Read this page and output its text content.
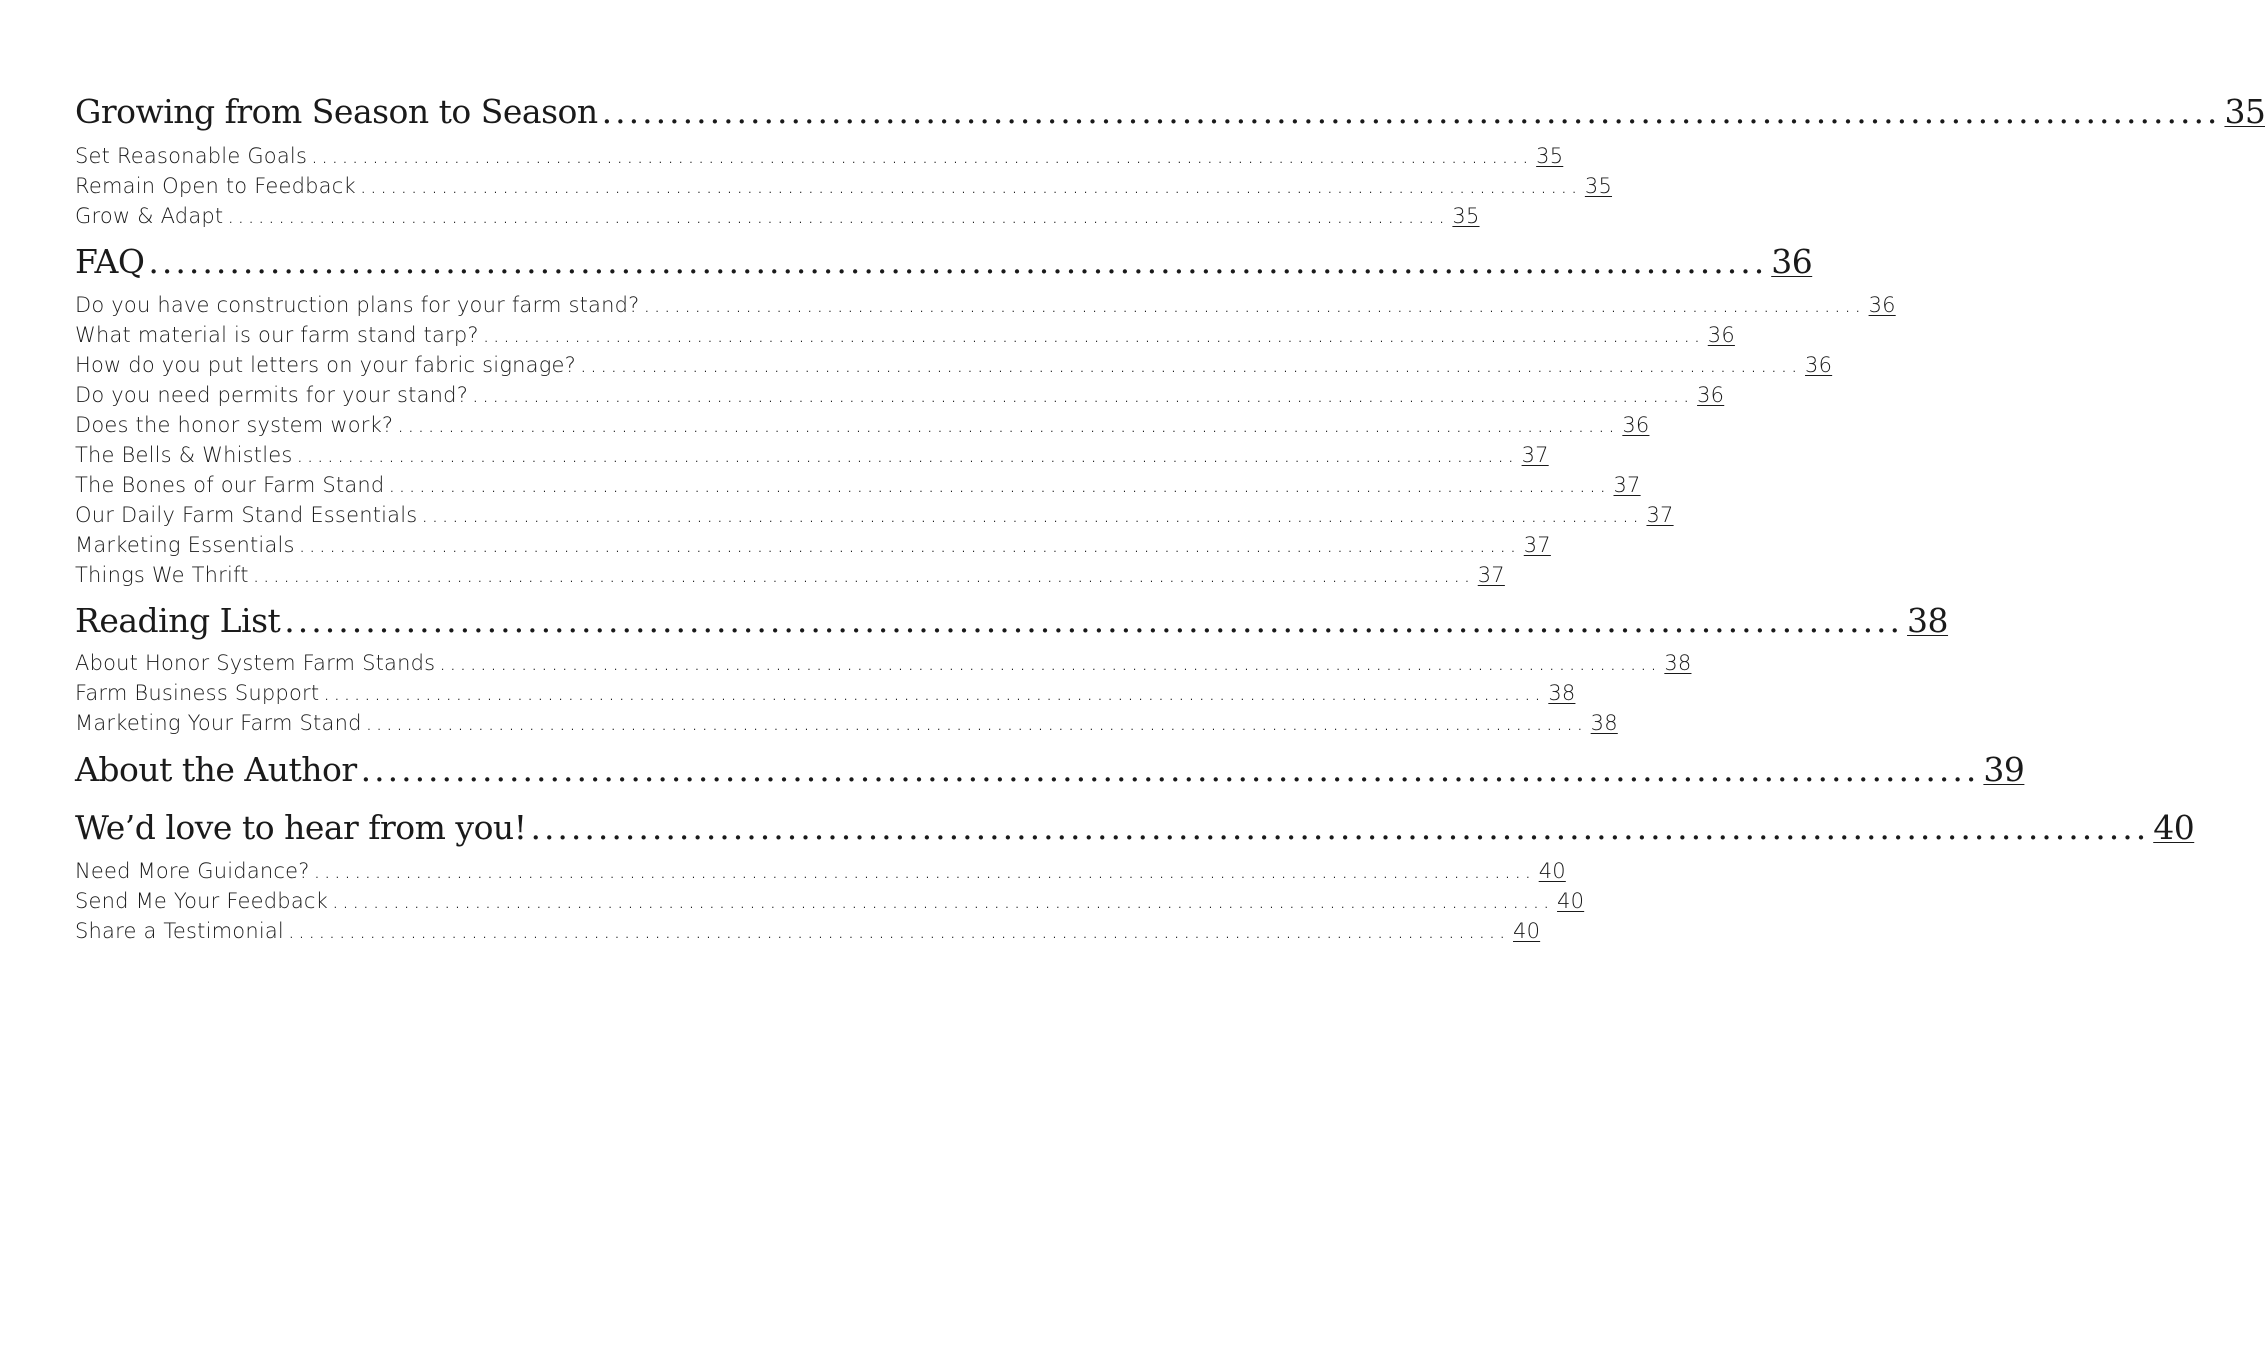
Growing from Season to Season ........................................................................................................................ 35
Set Reasonable Goals ........................................................................................................................ 35
Remain Open to Feedback ........................................................................................................................ 35
Grow & Adapt ........................................................................................................................ 35
FAQ ........................................................................................................................ 36
Do you have construction plans for your farm stand? ........................................................................................................................ 36
What material is our farm stand tarp? ........................................................................................................................ 36
How do you put letters on your fabric signage? ........................................................................................................................ 36
Do you need permits for your stand? ........................................................................................................................ 36
Does the honor system work? ........................................................................................................................ 36
The Bells & Whistles ........................................................................................................................ 37
The Bones of our Farm Stand ........................................................................................................................ 37
Our Daily Farm Stand Essentials ........................................................................................................................ 37
Marketing Essentials ........................................................................................................................ 37
Things We Thrift ........................................................................................................................ 37
Reading List ........................................................................................................................ 38
About Honor System Farm Stands ........................................................................................................................ 38
Farm Business Support ........................................................................................................................ 38
Marketing Your Farm Stand ........................................................................................................................ 38
About the Author ........................................................................................................................ 39
We’d love to hear from you! ........................................................................................................................ 40
Need More Guidance? ........................................................................................................................ 40
Send Me Your Feedback ........................................................................................................................ 40
Share a Testimonial ........................................................................................................................ 40
